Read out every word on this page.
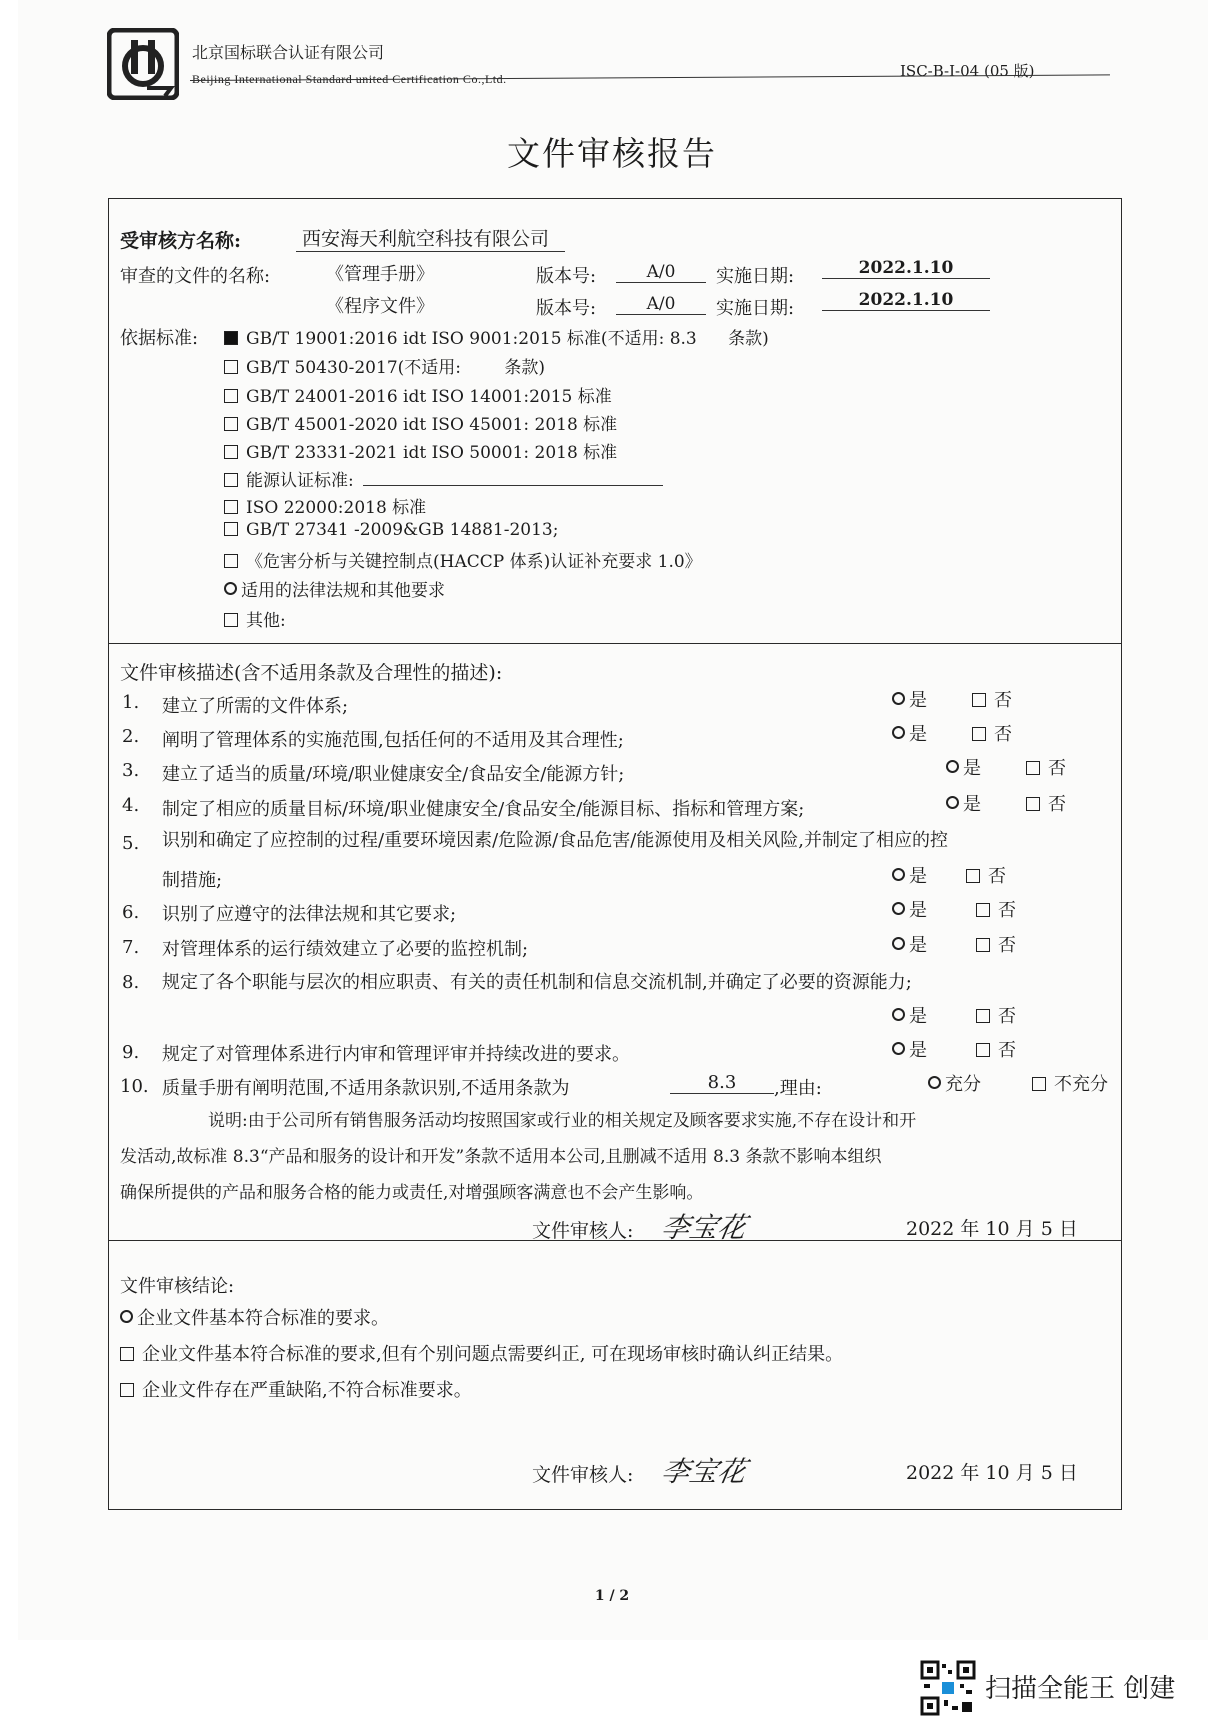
北京国标联合认证有限公司
Beijing International Standard united Certification Co.,Ltd.	ISC-B-I-04 (05 版)
文件审核报告
受审核方名称:	西安海天利航空科技有限公司
审查的文件的名称:	《管理手册》	版本号:	A/0	实施日期:	2022.1.10
《程序文件》	版本号:	A/0	实施日期:	2022.1.10
依据标准:	GB/T 19001:2016 idt ISO 9001:2015 标准(不适用: 8.3 条款)
GB/T 50430-2017(不适用:	条款)
GB/T 24001-2016 idt ISO 14001:2015 标准
GB/T 45001-2020 idt ISO 45001: 2018 标准
GB/T 23331-2021 idt ISO 50001: 2018 标准
能源认证标准:
ISO 22000:2018 标准
GB/T 27341 -2009&GB 14881-2013;
《危害分析与关键控制点(HACCP 体系)认证补充要求 1.0》
适用的法律法规和其他要求
其他:
文件审核描述(含不适用条款及合理性的描述):
1. 建立了所需的文件体系;	是	否
2. 阐明了管理体系的实施范围,包括任何的不适用及其合理性;	是	否
3. 建立了适当的质量/环境/职业健康安全/食品安全/能源方针;	是	否
4. 制定了相应的质量目标/环境/职业健康安全/食品安全/能源目标、指标和管理方案;	是	否
5. 识别和确定了应控制的过程/重要环境因素/危险源/食品危害/能源使用及相关风险,并制定了相应的控
制措施;	是	否
6. 识别了应遵守的法律法规和其它要求;	是	否
7. 对管理体系的运行绩效建立了必要的监控机制;	是	否
8. 规定了各个职能与层次的相应职责、有关的责任机制和信息交流机制,并确定了必要的资源能力;
是	否
9. 规定了对管理体系进行内审和管理评审并持续改进的要求。	是	否
10. 质量手册有阐明范围,不适用条款识别,不适用条款为	8.3	,理由:	充分	不充分
说明:由于公司所有销售服务活动均按照国家或行业的相关规定及顾客要求实施,不存在设计和开
发活动,故标准 8.3“产品和服务的设计和开发”条款不适用本公司,且删减不适用 8.3 条款不影响本组织
确保所提供的产品和服务合格的能力或责任,对增强顾客满意也不会产生影响。
文件审核人: 李宝花	2022 年 10 月 5 日
文件审核结论:
企业文件基本符合标准的要求。
企业文件基本符合标准的要求,但有个别问题点需要纠正, 可在现场审核时确认纠正结果。
企业文件存在严重缺陷,不符合标准要求。
文件审核人: 李宝花	2022 年 10 月 5 日
1 / 2
扫描全能王 创建
